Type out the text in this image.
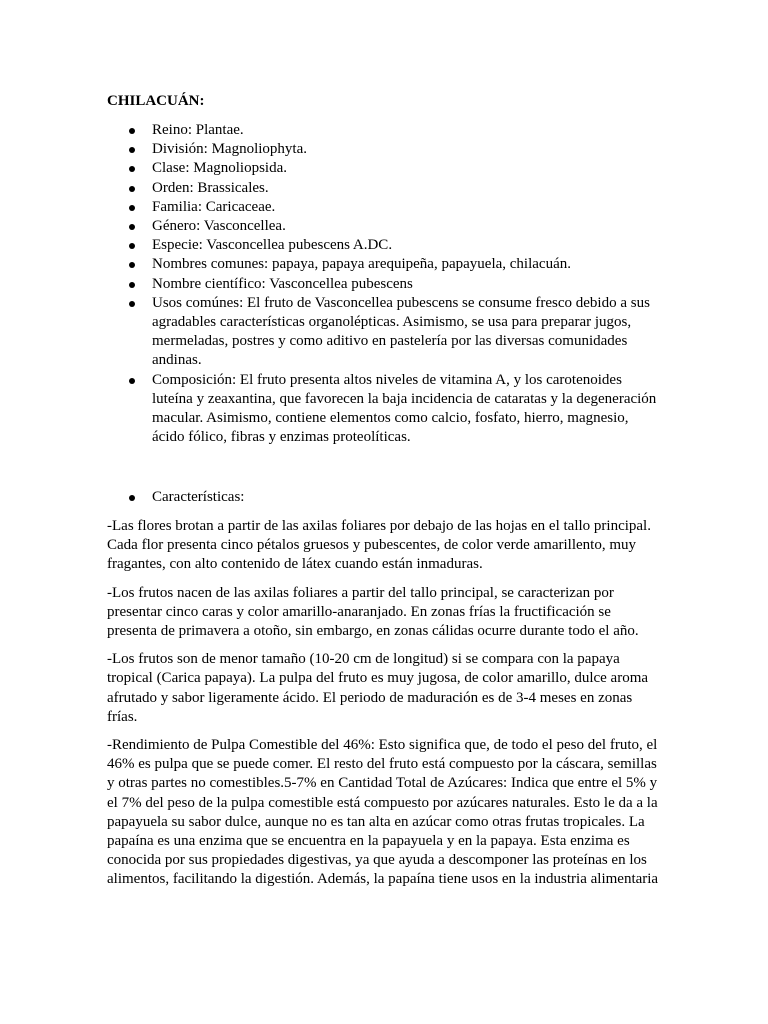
CHILACUÁN:
Reino: Plantae.
División: Magnoliophyta.
Clase: Magnoliopsida.
Orden: Brassicales.
Familia: Caricaceae.
Género: Vasconcellea.
Especie: Vasconcellea pubescens A.DC.
Nombres comunes: papaya, papaya arequipeña, papayuela, chilacuán.
Nombre científico: Vasconcellea pubescens
Usos comúnes: El fruto de Vasconcellea pubescens se consume fresco debido a sus agradables características organolépticas. Asimismo, se usa para preparar jugos, mermeladas, postres y como aditivo en pastelería por las diversas comunidades andinas.
Composición: El fruto presenta altos niveles de vitamina A, y los carotenoides luteína y zeaxantina, que favorecen la baja incidencia de cataratas y la degeneración macular. Asimismo, contiene elementos como calcio, fosfato, hierro, magnesio, ácido fólico, fibras y enzimas proteolíticas.
Características:

-Las flores brotan a partir de las axilas foliares por debajo de las hojas en el tallo principal. Cada flor presenta cinco pétalos gruesos y pubescentes, de color verde amarillento, muy fragantes, con alto contenido de látex cuando están inmaduras.

-Los frutos nacen de las axilas foliares a partir del tallo principal, se caracterizan por presentar cinco caras y color amarillo-anaranjado. En zonas frías la fructificación se presenta de primavera a otoño, sin embargo, en zonas cálidas ocurre durante todo el año.

-Los frutos son de menor tamaño (10-20 cm de longitud) si se compara con la papaya tropical (Carica papaya). La pulpa del fruto es muy jugosa, de color amarillo, dulce aroma afrutado y sabor ligeramente ácido. El periodo de maduración es de 3-4 meses en zonas frías.

-Rendimiento de Pulpa Comestible del 46%: Esto significa que, de todo el peso del fruto, el 46% es pulpa que se puede comer. El resto del fruto está compuesto por la cáscara, semillas y otras partes no comestibles.5-7% en Cantidad Total de Azúcares: Indica que entre el 5% y el 7% del peso de la pulpa comestible está compuesto por azúcares naturales. Esto le da a la papayuela su sabor dulce, aunque no es tan alta en azúcar como otras frutas tropicales. La papaína es una enzima que se encuentra en la papayuela y en la papaya. Esta enzima es conocida por sus propiedades digestivas, ya que ayuda a descomponer las proteínas en los alimentos, facilitando la digestión. Además, la papaína tiene usos en la industria alimentaria
